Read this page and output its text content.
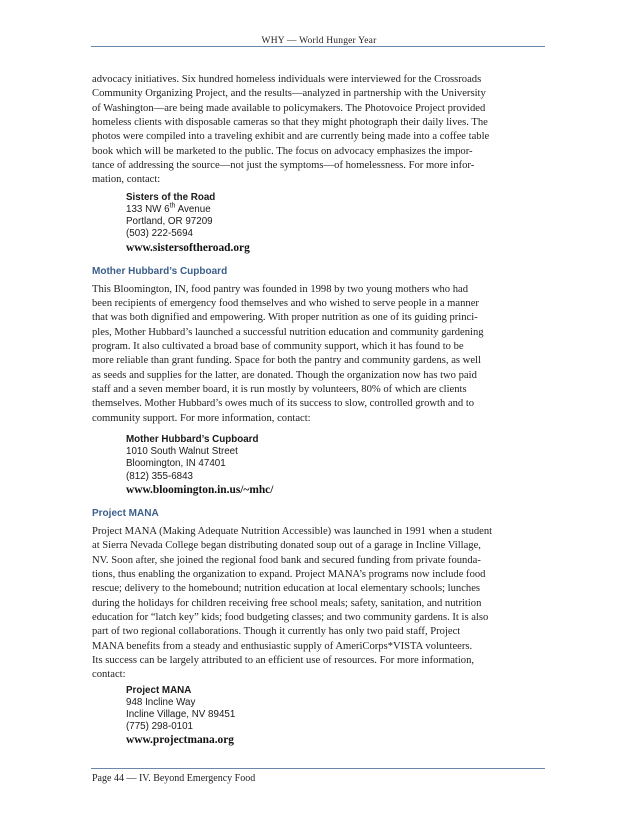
WHY — World Hunger Year
advocacy initiatives. Six hundred homeless individuals were interviewed for the Crossroads
Community Organizing Project, and the results—analyzed in partnership with the University
of Washington—are being made available to policymakers. The Photovoice Project provided
homeless clients with disposable cameras so that they might photograph their daily lives. The
photos were compiled into a traveling exhibit and are currently being made into a coffee table
book which will be marketed to the public. The focus on advocacy emphasizes the impor-
tance of addressing the source—not just the symptoms—of homelessness. For more infor-
mation, contact:
Sisters of the Road
133 NW 6th Avenue
Portland, OR 97209
(503) 222-5694
www.sistersoftheroad.org
Mother Hubbard’s Cupboard
This Bloomington, IN, food pantry was founded in 1998 by two young mothers who had
been recipients of emergency food themselves and who wished to serve people in a manner
that was both dignified and empowering. With proper nutrition as one of its guiding princi-
ples, Mother Hubbard’s launched a successful nutrition education and community gardening
program. It also cultivated a broad base of community support, which it has found to be
more reliable than grant funding. Space for both the pantry and community gardens, as well
as seeds and supplies for the latter, are donated. Though the organization now has two paid
staff and a seven member board, it is run mostly by volunteers, 80% of which are clients
themselves. Mother Hubbard’s owes much of its success to slow, controlled growth and to
community support. For more information, contact:
Mother Hubbard’s Cupboard
1010 South Walnut Street
Bloomington, IN 47401
(812) 355-6843
www.bloomington.in.us/~mhc/
Project MANA
Project MANA (Making Adequate Nutrition Accessible) was launched in 1991 when a student
at Sierra Nevada College began distributing donated soup out of a garage in Incline Village,
NV. Soon after, she joined the regional food bank and secured funding from private founda-
tions, thus enabling the organization to expand. Project MANA’s programs now include food
rescue; delivery to the homebound; nutrition education at local elementary schools; lunches
during the holidays for children receiving free school meals; safety, sanitation, and nutrition
education for “latch key” kids; food budgeting classes; and two community gardens. It is also
part of two regional collaborations. Though it currently has only two paid staff, Project
MANA benefits from a steady and enthusiastic supply of AmeriCorps*VISTA volunteers.
Its success can be largely attributed to an efficient use of resources. For more information,
contact:
Project MANA
948 Incline Way
Incline Village, NV 89451
(775) 298-0101
www.projectmana.org
Page 44 — IV. Beyond Emergency Food
